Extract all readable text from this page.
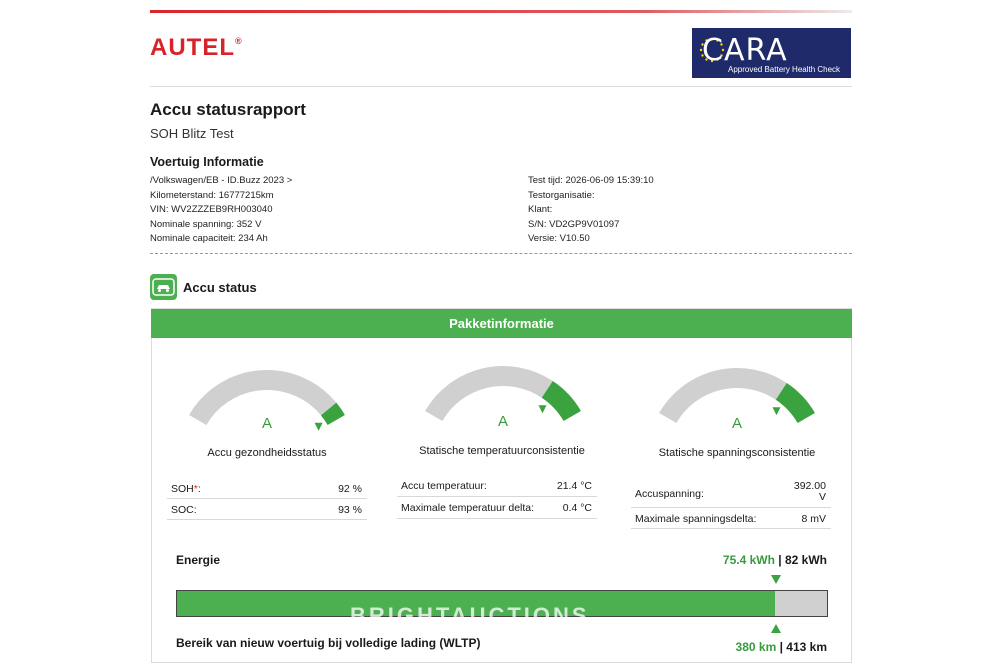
AUTEL®	CARA
Approved Battery Health Check
Accu statusrapport
SOH Blitz Test
Voertuig Informatie
/Volkswagen/EB - ID.Buzz 2023 >
Kilometerstand: 16777215km
VIN: WV2ZZZEB9RH003040
Nominale spanning: 352 V
Nominale capaciteit: 234 Ah
Test tijd: 2026-06-09 15:39:10
Testorganisatie:
Klant:
S/N: VD2GP9V01097
Versie: V10.50
Accu status
Pakketinformatie
A
Accu gezondheidsstatus
SOH*:	92 %
SOC:	93 %
A
Statische temperatuurconsistentie
Accu temperatuur:	21.4 °C
Maximale temperatuur delta:	0.4 °C
A
Statische spanningsconsistentie
Accuspanning:
392.00 V
Maximale spanningsdelta:	8 mV
Energie	75.4 kWh | 82 kWh
BRIGHTAUCTIONS
Bereik van nieuw voertuig bij volledige lading (WLTP)	380 km | 413 km
